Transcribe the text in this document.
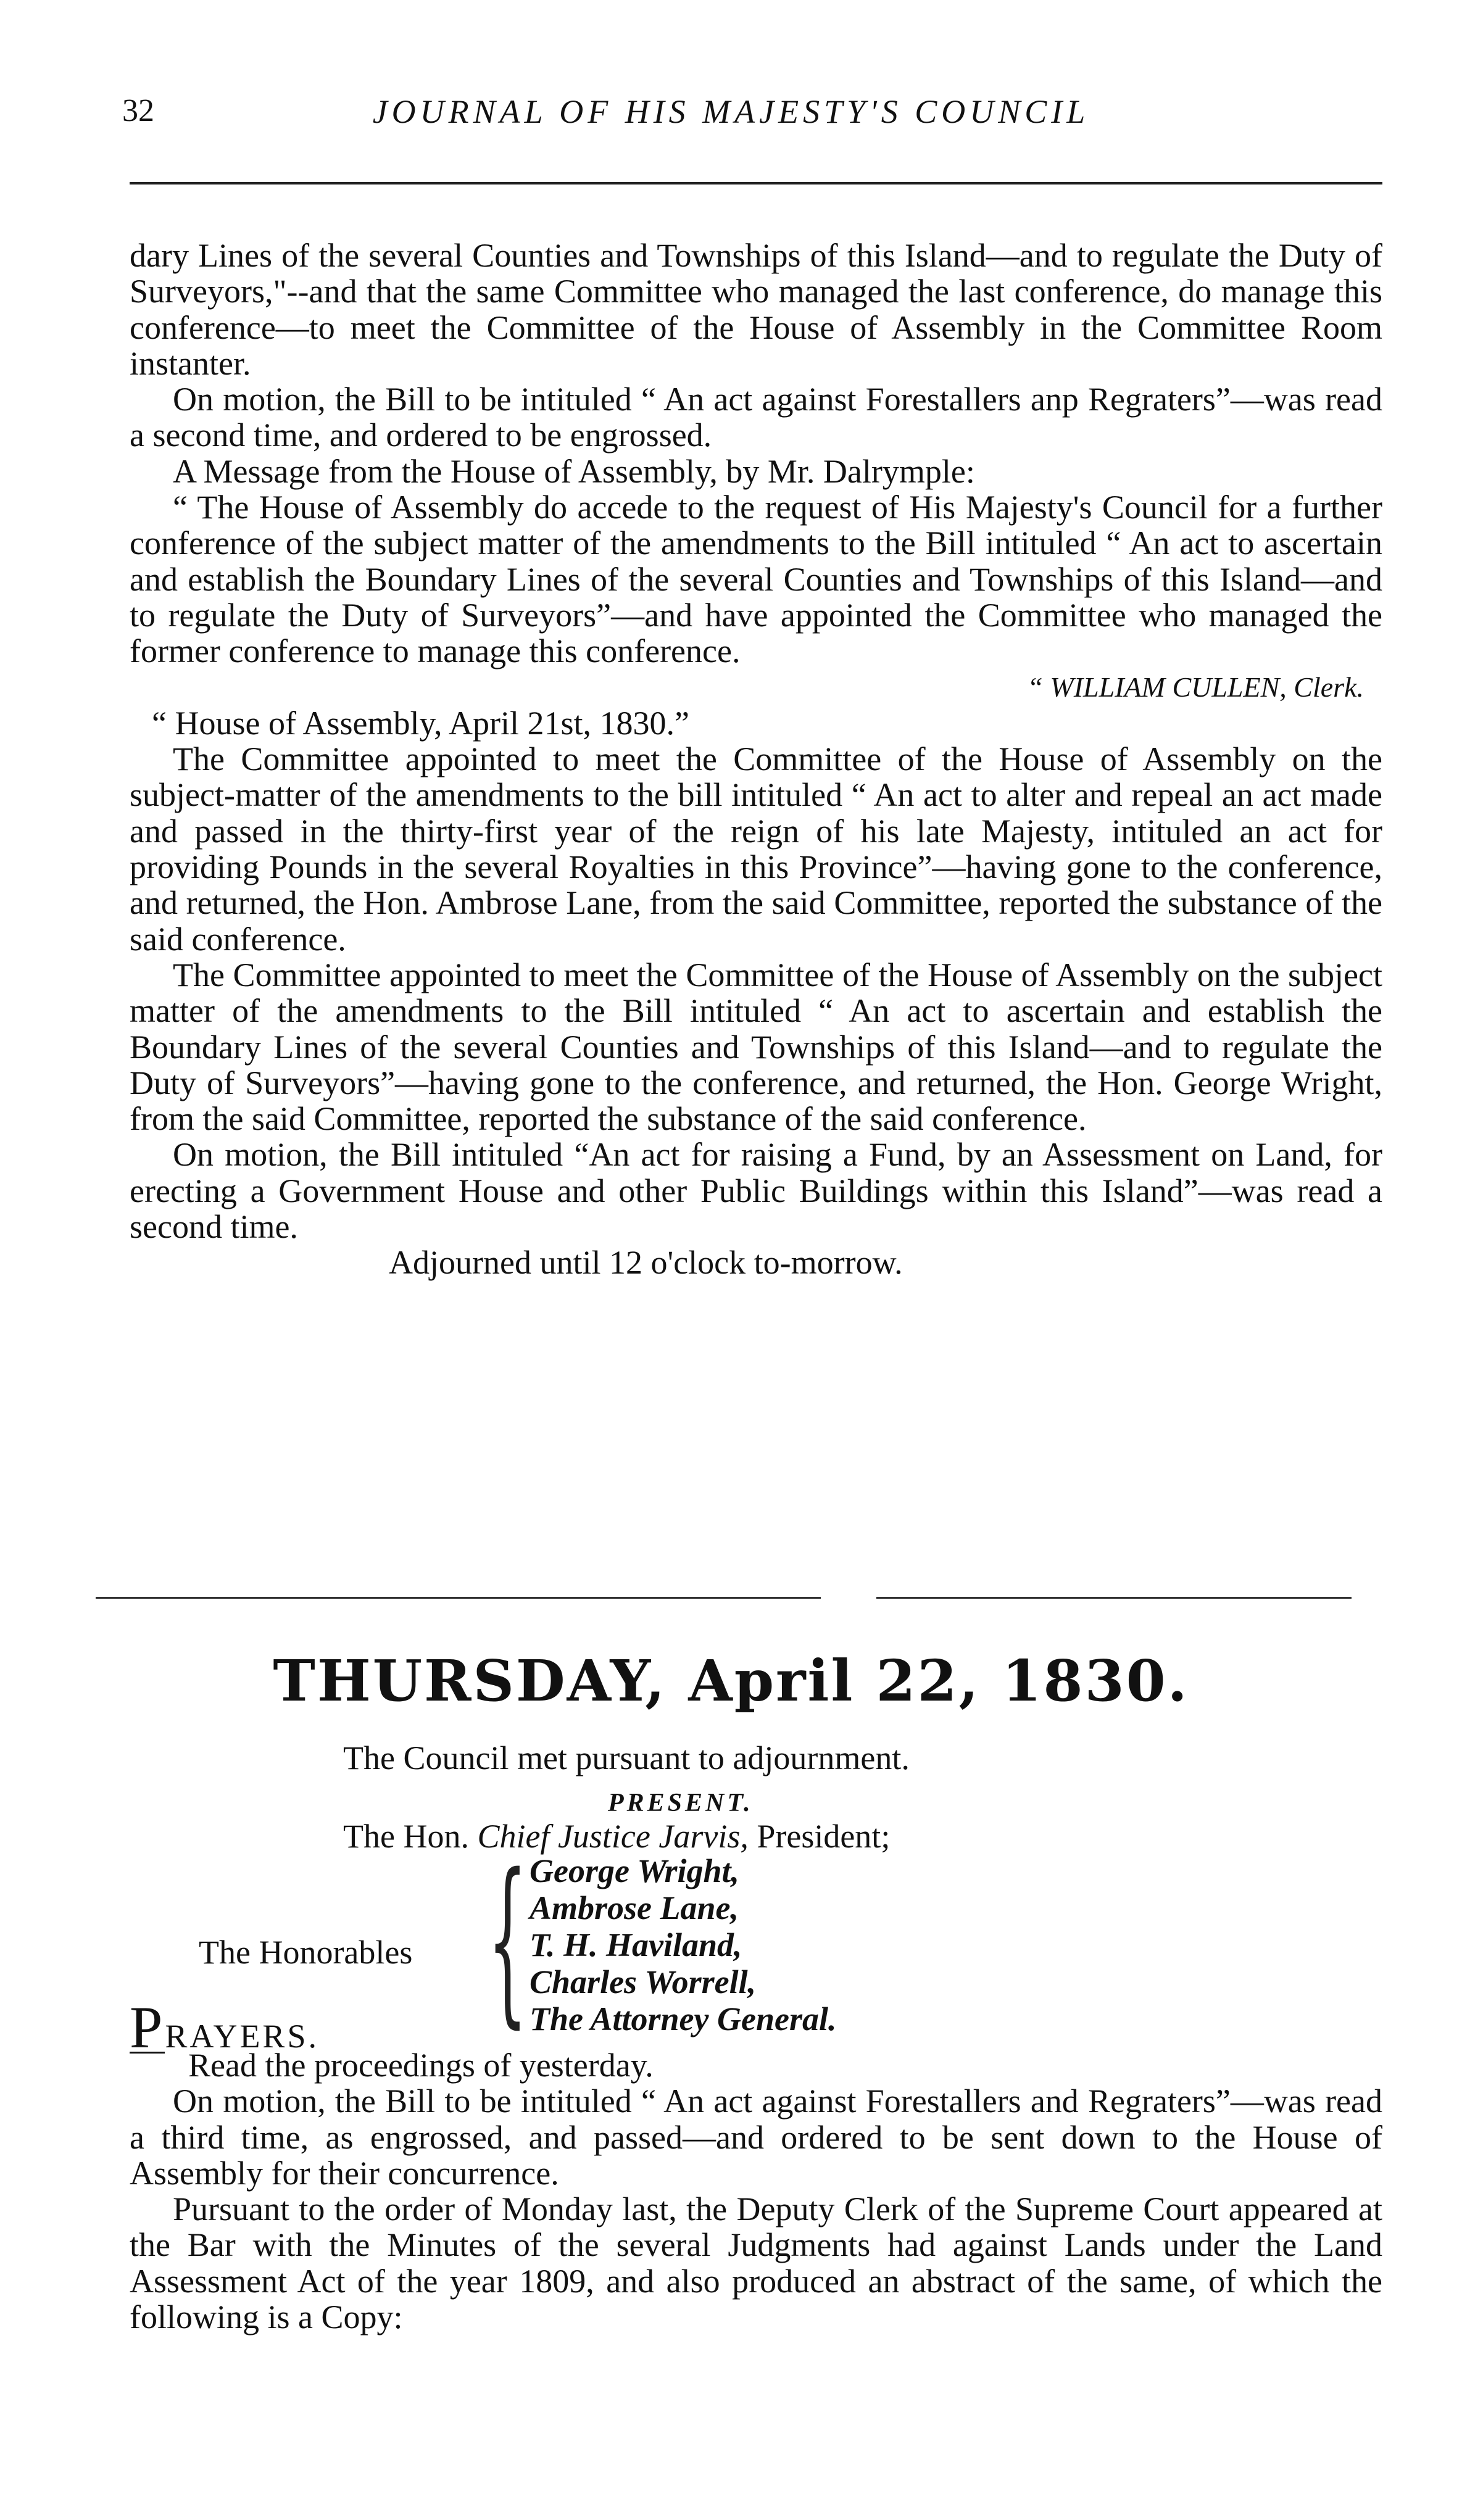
32	JOURNAL OF HIS MAJESTY'S COUNCIL

dary Lines of the several Counties and Townships of this Island—and to regulate the Duty of Surveyors,"--and that the same Committee who managed the last conference, do manage this conference—to meet the Committee of the House of Assembly in the Committee Room instanter.

On motion, the Bill to be intituled “ An act against Forestallers anp Regraters”—was read a second time, and ordered to be engrossed.

A Message from the House of Assembly, by Mr. Dalrymple:

“ The House of Assembly do accede to the request of His Majesty's Council for a further conference of the subject matter of the amendments to the Bill intituled “ An act to ascertain and establish the Boundary Lines of the several Counties and Townships of this Island—and to regulate the Duty of Surveyors”—and have appointed the Committee who managed the former conference to manage this conference.

“ WILLIAM CULLEN, Clerk.

“ House of Assembly, April 21st, 1830.”

The Committee appointed to meet the Committee of the House of Assembly on the subject-matter of the amendments to the bill intituled “ An act to alter and repeal an act made and passed in the thirty-first year of the reign of his late Majesty, intituled an act for providing Pounds in the several Royalties in this Province”—having gone to the conference, and returned, the Hon. Ambrose Lane, from the said Committee, reported the substance of the said conference.

The Committee appointed to meet the Committee of the House of Assembly on the subject matter of the amendments to the Bill intituled “ An act to ascertain and establish the Boundary Lines of the several Counties and Townships of this Island—and to regulate the Duty of Surveyors”—having gone to the conference, and returned, the Hon. George Wright, from the said Committee, reported the substance of the said conference.

On motion, the Bill intituled “An act for raising a Fund, by an Assessment on Land, for erecting a Government House and other Public Buildings within this Island”—was read a second time.

Adjourned until 12 o'clock to-morrow.

THURSDAY, April 22, 1830.
The Council met pursuant to adjournment.
PRESENT.
The Hon. Chief Justice Jarvis, President;
The Honorables { George Wright,
Ambrose Lane,
T. H. Haviland,
Charles Worrell,
The Attorney General.
PRAYERS.

Read the proceedings of yesterday.

On motion, the Bill to be intituled “ An act against Forestallers and Regraters”—was read a third time, as engrossed, and passed—and ordered to be sent down to the House of Assembly for their concurrence.

Pursuant to the order of Monday last, the Deputy Clerk of the Supreme Court appeared at the Bar with the Minutes of the several Judgments had against Lands under the Land Assessment Act of the year 1809, and also produced an abstract of the same, of which the following is a Copy:
